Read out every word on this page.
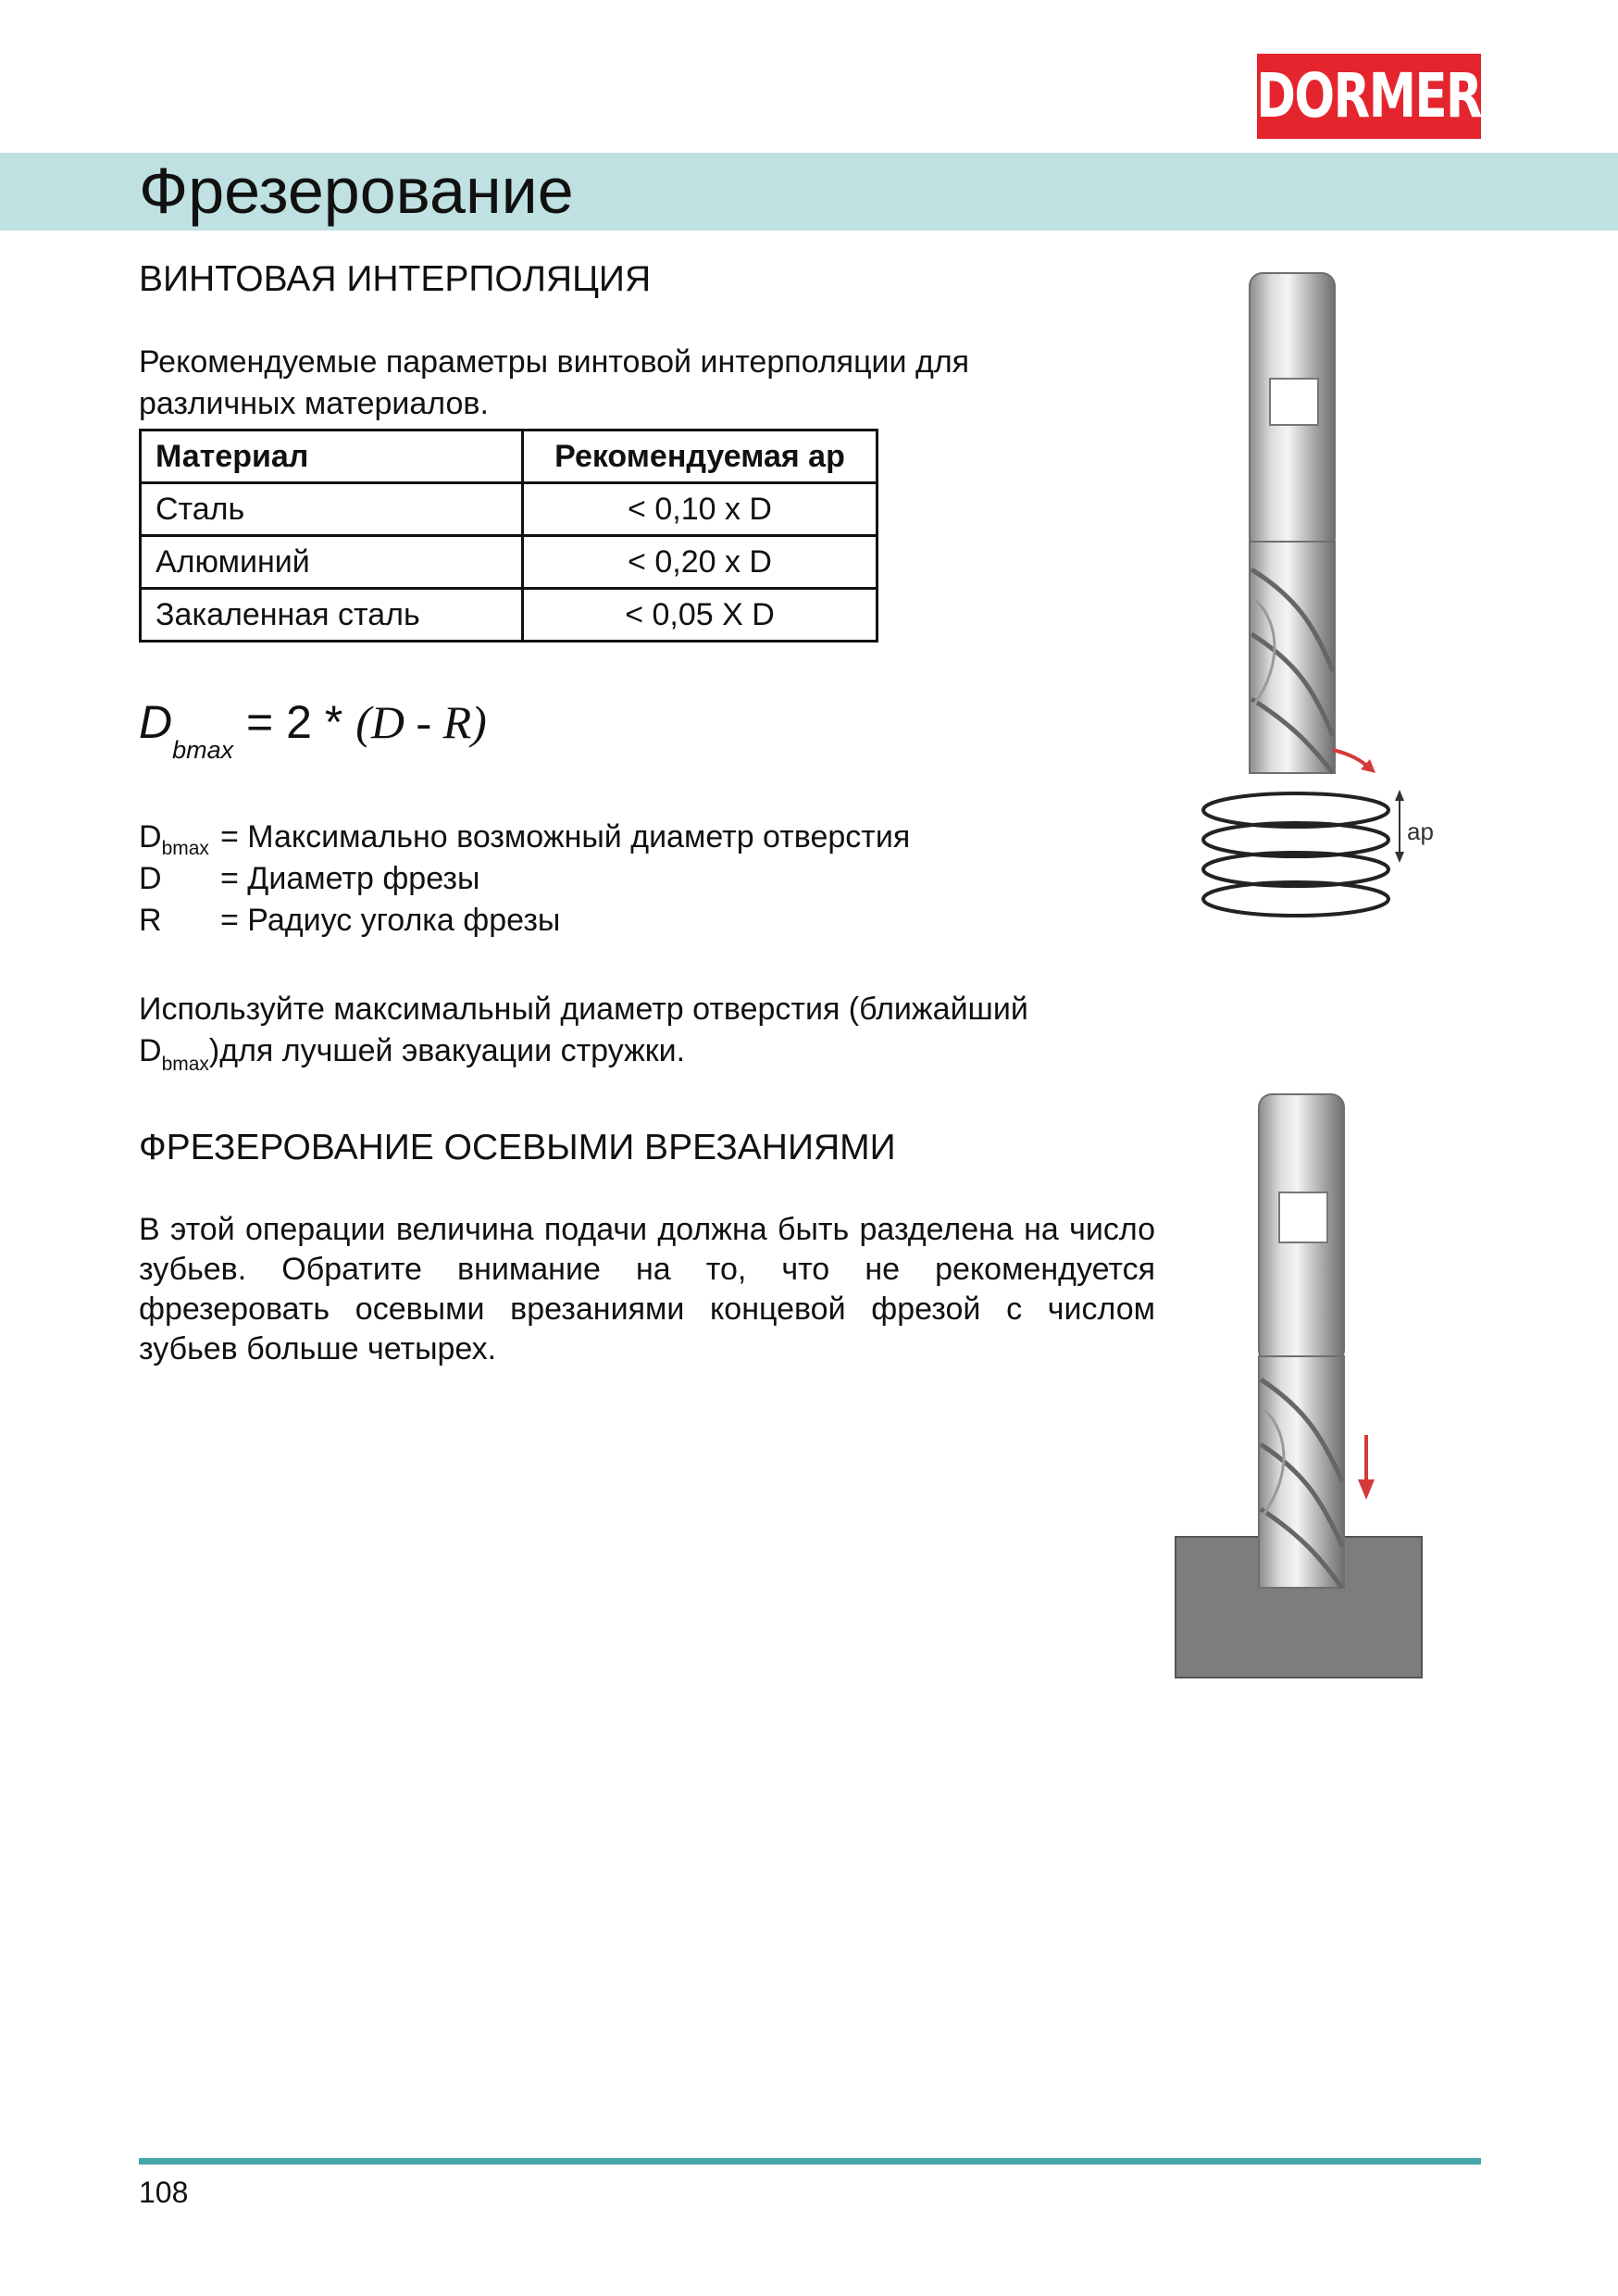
DORMER
Фрезерование
ВИНТОВАЯ ИНТЕРПОЛЯЦИЯ
Рекомендуемые параметры винтовой интерполяции для различных материалов.
Материал	Рекомендуемая ap
Сталь	< 0,10 x D
Алюминий	< 0,20 x D
Закаленная сталь	< 0,05 X D
$D_{bmax} = 2 * (D - R)$
$D_{bmax}$ = Максимально возможный диаметр отверстия
D = Диаметр фрезы
R = Радиус уголка фрезы
Используйте максимальный диаметр отверстия (ближайший
$D_{bmax})для$ лучшей эвакуации стружки.
ФРЕЗЕРОВАНИЕ ОСЕВЫМИ ВРЕЗАНИЯМИ
В этой операции величина подачи должна быть разделена на число зубьев. Обратите внимание на то, что не рекомендуется фрезеровать осевыми врезаниями концевой фрезой с числом зубьев больше четырех.
ap
108
